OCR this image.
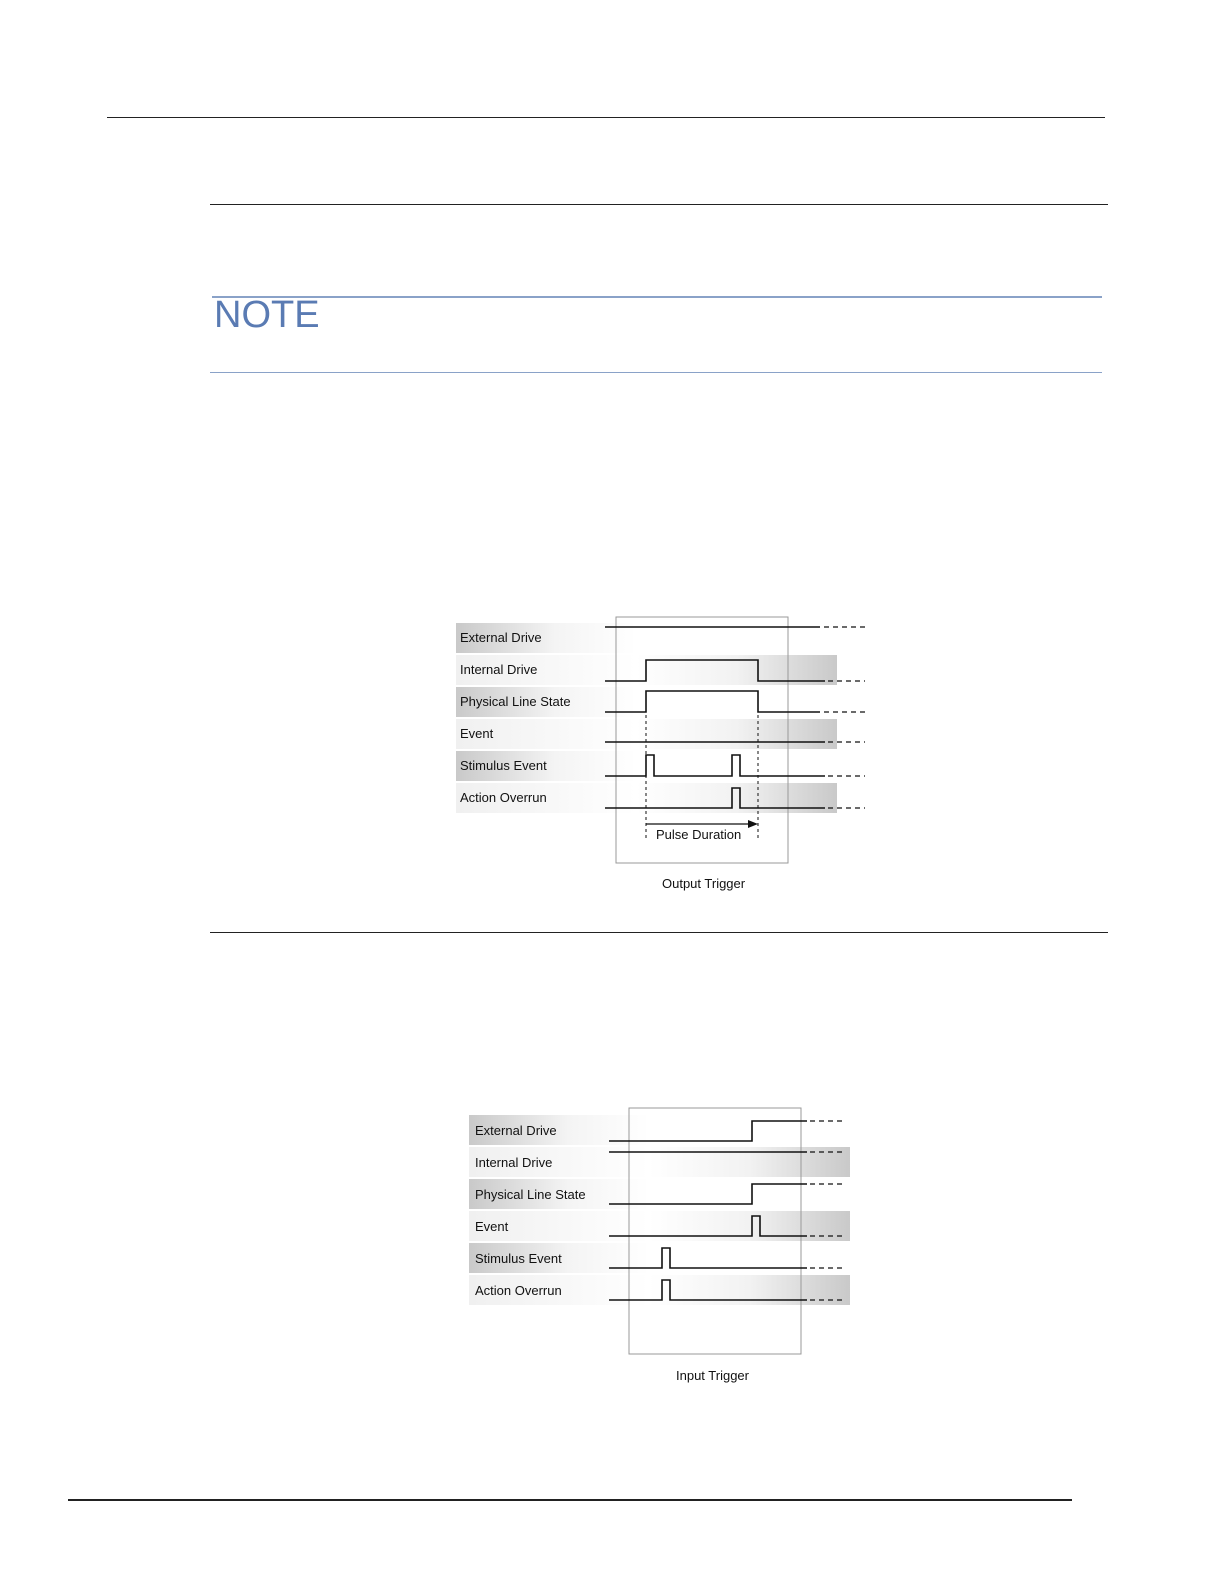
NOTE
External Drive
Internal Drive
Physical Line State
Event
Stimulus Event
Action Overrun
Pulse Duration
Output Trigger
External Drive
Internal Drive
Physical Line State
Event
Stimulus Event
Action Overrun
Input Trigger
